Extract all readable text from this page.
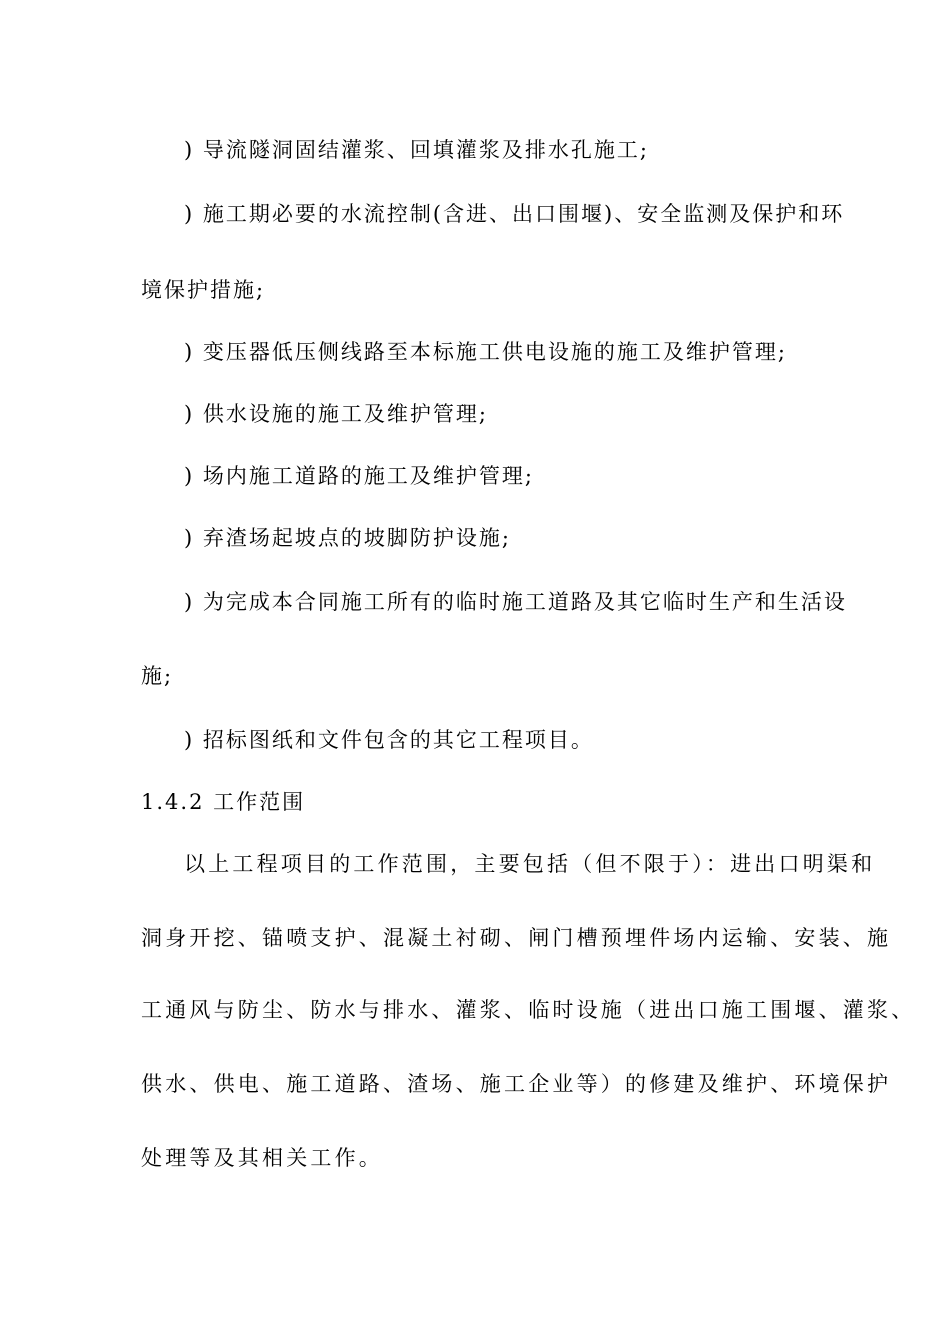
) 导流隧洞固结灌浆、回填灌浆及排水孔施工;
) 施工期必要的水流控制(含进、出口围堰)、安全监测及保护和环
境保护措施;
) 变压器低压侧线路至本标施工供电设施的施工及维护管理;
) 供水设施的施工及维护管理;
) 场内施工道路的施工及维护管理;
) 弃渣场起坡点的坡脚防护设施;
) 为完成本合同施工所有的临时施工道路及其它临时生产和生活设
施;
) 招标图纸和文件包含的其它工程项目。
1.4.2 工作范围
以上工程项目的工作范围，主要包括（但不限于）：进出口明渠和
洞身开挖、锚喷支护、混凝土衬砌、闸门槽预埋件场内运输、安装、施
工通风与防尘、防水与排水、灌浆、临时设施（进出口施工围堰、灌浆、
供水、供电、施工道路、渣场、施工企业等）的修建及维护、环境保护
处理等及其相关工作。
